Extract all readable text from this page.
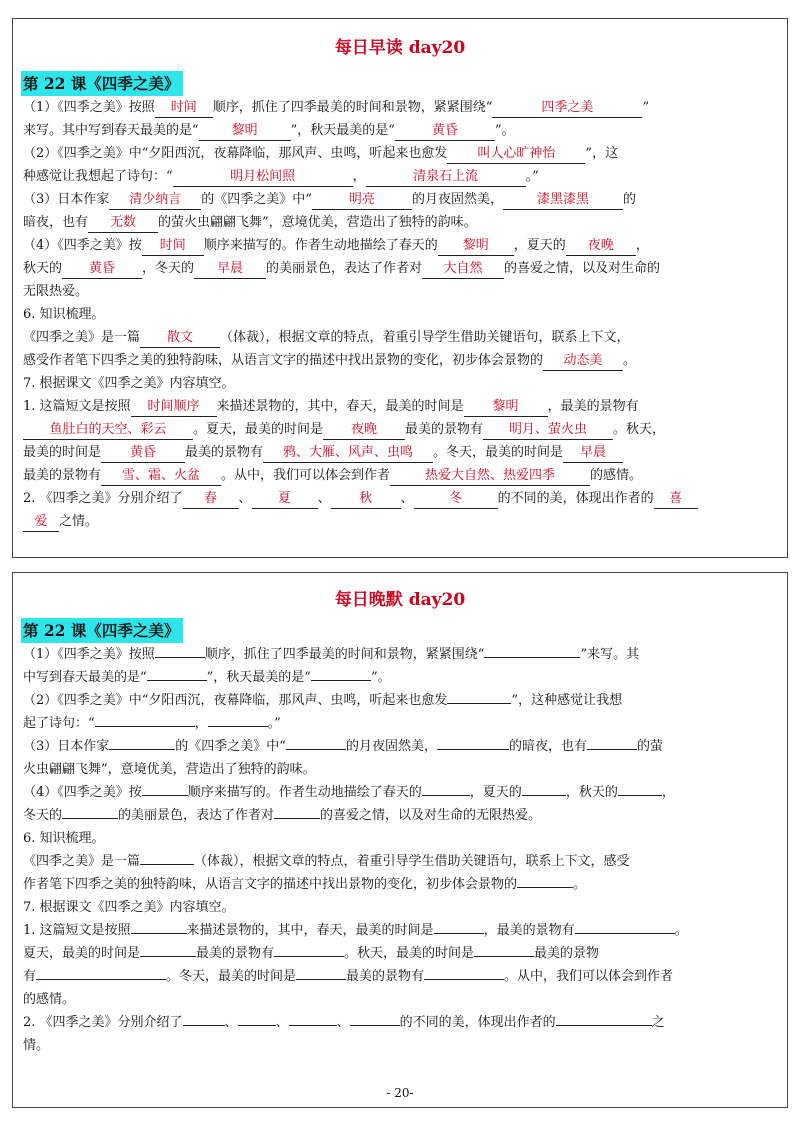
每日早读 day20
第 22 课《四季之美》

（1）《四季之美》按照 时间 顺序，抓住了四季最美的时间和景物，紧紧围绕“	四季之美	”

来写。其中写到春天最美的是“	黎明	”，秋天最美的是“	黄昏	”。

（2）《四季之美》中“夕阳西沉，夜幕降临，那风声、虫鸣，听起来也愈发 叫人心旷神怡 ”，这

种感觉让我想起了诗句：“	明月松间照	，	清泉石上流	。”

（3）日本作家 清少纳言 的《四季之美》中“	明亮	的月夜固然美，	漆黑漆黑	的

暗夜，也有 无数 的萤火虫翩翩飞舞”，意境优美，营造出了独特的韵味。

（4）《四季之美》按 时间 顺序来描写的。作者生动地描绘了春天的 黎明 ，夏天的 夜晚 ，

秋天的 黄昏 ，冬天的 早晨 的美丽景色，表达了作者对 大自然 的喜爱之情，以及对生命的

无限热爱。

6. 知识梳理。

《四季之美》是一篇 散文 （体裁），根据文章的特点，着重引导学生借助关键语句，联系上下文，

感受作者笔下四季之美的独特韵味，从语言文字的描述中找出景物的变化，初步体会景物的 动态美 。

7. 根据课文《四季之美》内容填空。

1. 这篇短文是按照 时间顺序 来描述景物的，其中，春天，最美的时间是 黎明 ，最美的景物有

鱼肚白的天空、彩云 。夏天，最美的时间是 夜晚 最美的景物有 明月、萤火虫 。秋天，

最美的时间是 黄昏 最美的景物有 鸦、大雁、风声、虫鸣 。冬天，最美的时间是 早晨

最美的景物有 雪、霜、火盆 。从中，我们可以体会到作者	热爱大自然、热爱四季	的感情。

2. 《四季之美》分别介绍了 春 、 夏 、 秋 、	冬	的不同的美，体现出作者的 喜

爱 之情。

每日晚默 day20
第 22 课《四季之美》

（1）《四季之美》按照	顺序，抓住了四季最美的时间和景物，紧紧围绕“	”来写。其

中写到春天最美的是“	”，秋天最美的是“	”。

（2）《四季之美》中“夕阳西沉，夜幕降临，那风声、虫鸣，听起来也愈发	”，这种感觉让我想

起了诗句：“	，	。”

（3）日本作家	的《四季之美》中“	的月夜固然美，	的暗夜，也有	的萤

火虫翩翩飞舞”，意境优美，营造出了独特的韵味。

（4）《四季之美》按	顺序来描写的。作者生动地描绘了春天的	，夏天的	，秋天的	，

冬天的	的美丽景色，表达了作者对	的喜爱之情，以及对生命的无限热爱。

6. 知识梳理。

《四季之美》是一篇	（体裁），根据文章的特点，着重引导学生借助关键语句，联系上下文，感受

作者笔下四季之美的独特韵味，从语言文字的描述中找出景物的变化，初步体会景物的	。

7. 根据课文《四季之美》内容填空。

1. 这篇短文是按照	来描述景物的，其中，春天，最美的时间是	，最美的景物有	。

夏天，最美的时间是	最美的景物有	。秋天，最美的时间是	最美的景物

有	。冬天，最美的时间是	最美的景物有	。从中，我们可以体会到作者

的感情。

2. 《四季之美》分别介绍了	、	、	、	的不同的美，体现出作者的	之

情。

- 20-
